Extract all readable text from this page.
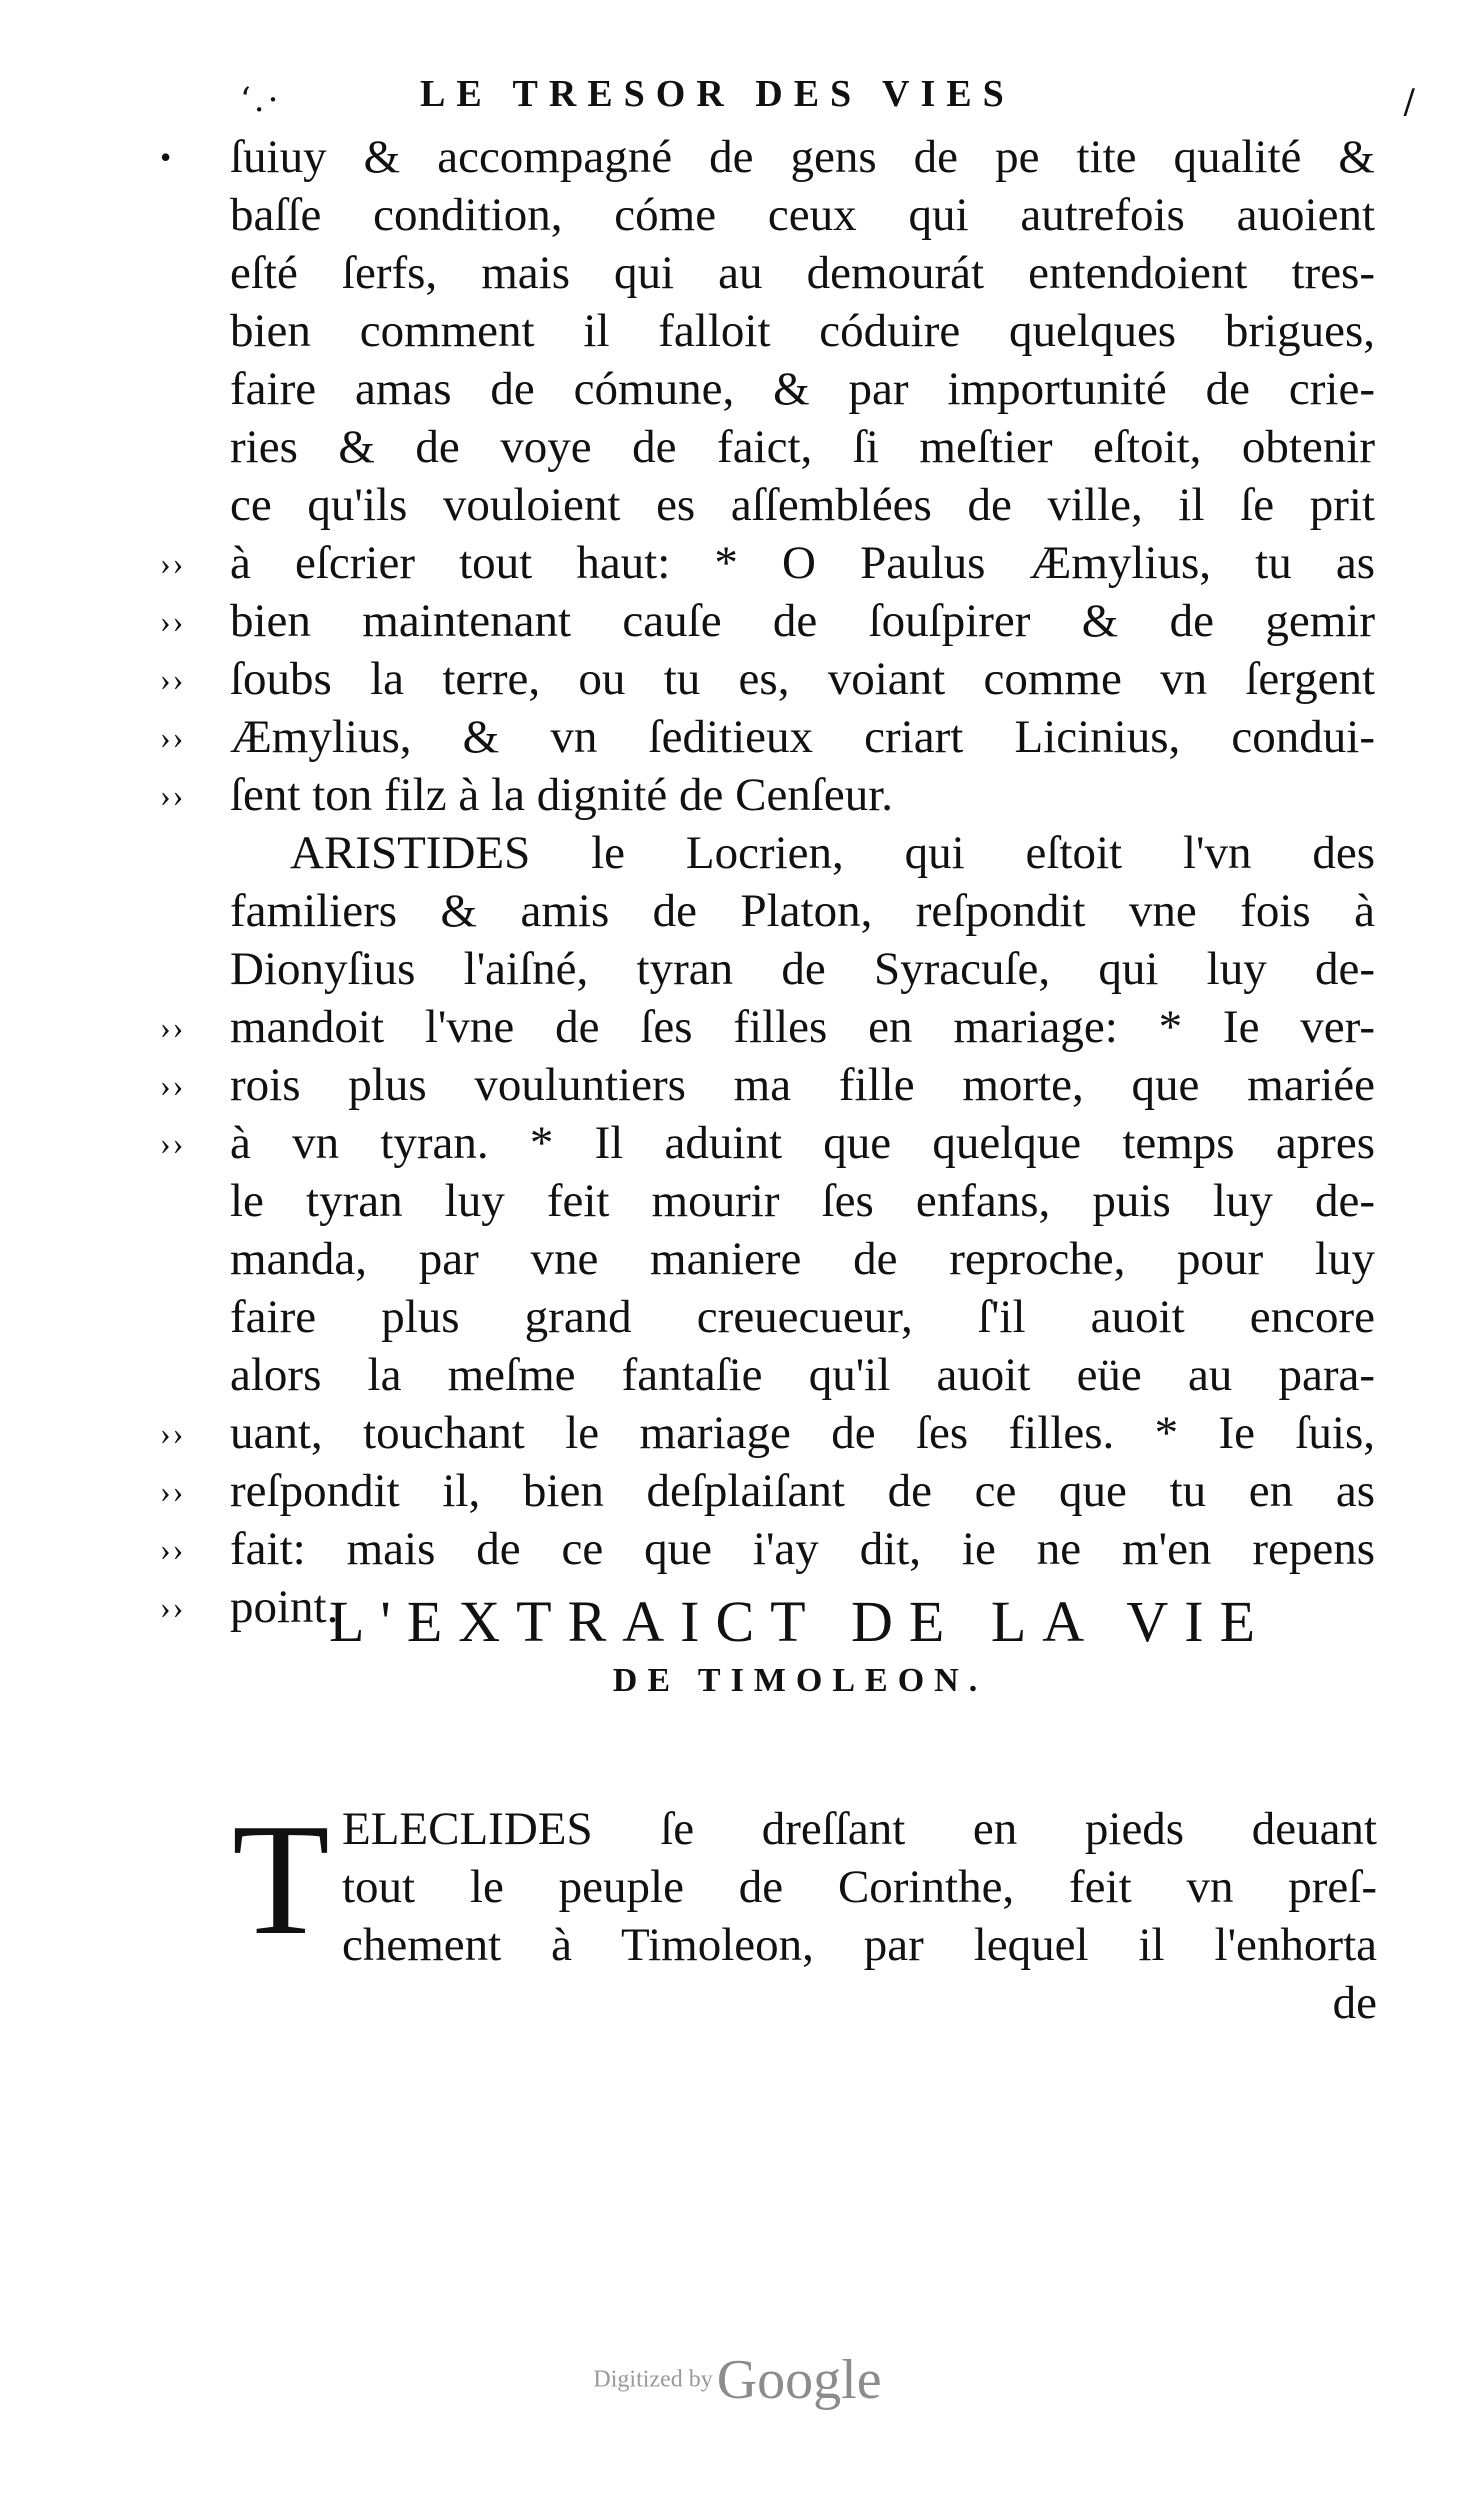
ʻ.·	LE TRESOR DES VIES	/
•	ſuiuy & accompagné de gens de pe tite qualité &
baſſe condition, cóme ceux qui autrefois auoient
eſté ſerfs, mais qui au demourát entendoient tres-
bien comment il falloit códuire quelques brigues,
faire amas de cómune, & par importunité de crie-
ries & de voye de faict, ſi meſtier eſtoit, obtenir
ce qu'ils vouloient es aſſemblées de ville, il ſe prit
›› à eſcrier tout haut: * O Paulus Æmylius, tu as
›› bien maintenant cauſe de ſouſpirer & de gemir
›› ſoubs la terre, ou tu es, voiant comme vn ſergent
›› Æmylius, & vn ſeditieux criart Licinius, condui-
›› ſent ton filz à la dignité de Cenſeur.
ARISTIDES le Locrien, qui eſtoit l'vn des
familiers & amis de Platon, reſpondit vne fois à
Dionyſius l'aiſné, tyran de Syracuſe, qui luy de-
›› mandoit l'vne de ſes filles en mariage: * Ie ver-
›› rois plus vouluntiers ma fille morte, que mariée
›› à vn tyran. * Il aduint que quelque temps apres
le tyran luy feit mourir ſes enfans, puis luy de-
manda, par vne maniere de reproche, pour luy
faire plus grand creuecueur, ſ'il auoit encore
alors la meſme fantaſie qu'il auoit eüe au para-
›› uant, touchant le mariage de ſes filles. * Ie ſuis,
›› reſpondit il, bien deſplaiſant de ce que tu en as
›› fait: mais de ce que i'ay dit, ie ne m'en repens
›› point.
L'EXTRAICT DE LA VIE
DE TIMOLEON.
T ELECLIDES ſe dreſſant en pieds deuant
tout le peuple de Corinthe, feit vn preſ-
chement à Timoleon, par lequel il l'enhorta
de
Digitized by Google
